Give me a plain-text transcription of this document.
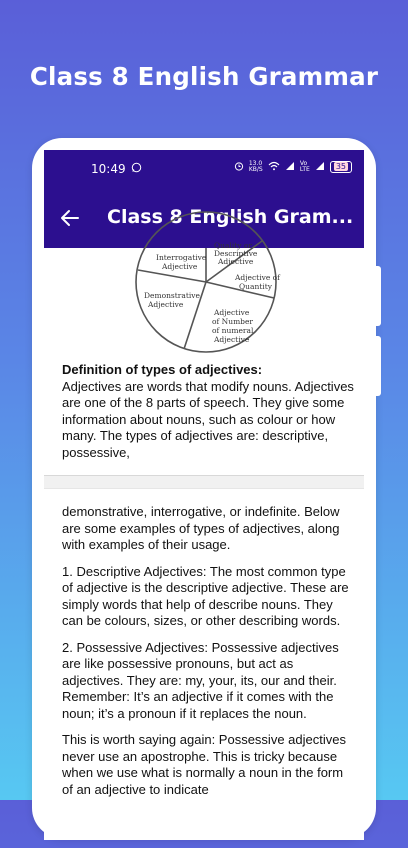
Class 8 English Grammar
10:49	13.0 KB/S
Vo LTE	35
Class 8 English Gram...
Interrogative Adjective
Quality or Descriptive Adjective
Adjective of Quantity
Demonstrative Adjective
Adjective of Number of numeral Adjective

Definition of types of adjectives:

Adjectives are words that modify nouns. Adjectives are one of the 8 parts of speech. They give some information about nouns, such as colour or how many. The types of adjectives are: descriptive, possessive,

demonstrative, interrogative, or indefinite. Below are some examples of types of adjectives, along with examples of their usage.

1. Descriptive Adjectives: The most common type of adjective is the descriptive adjective. These are simply words that help of describe nouns. They can be colours, sizes, or other describing words.

2. Possessive Adjectives: Possessive adjectives are like possessive pronouns, but act as adjectives. They are: my, your, its, our and their. Remember: It’s an adjective if it comes with the noun; it’s a pronoun if it replaces the noun.

This is worth saying again: Possessive adjectives never use an apostrophe. This is tricky because when we use what is normally a noun in the form of an adjective to indicate
